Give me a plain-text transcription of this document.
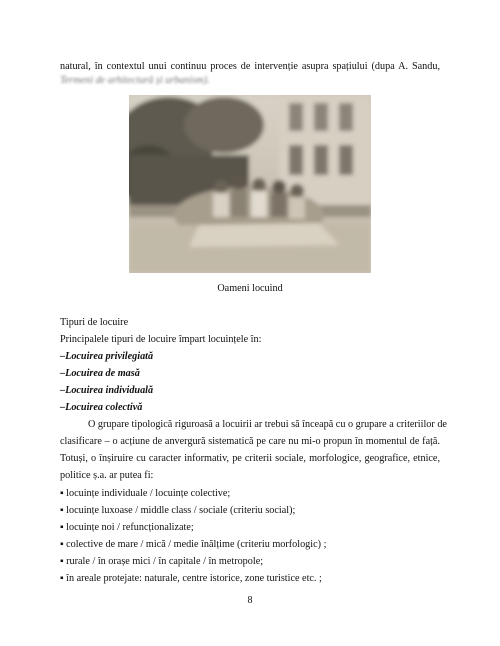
natural, în contextul unui continuu proces de intervenție asupra spațiului (dupa A. Sandu,
Termeni de arhitectură și urbanism).
Oameni locuind
Tipuri de locuire
Principalele tipuri de locuire împart locuințele în:
–Locuirea privilegiată
–Locuirea de masă
–Locuirea individuală
–Locuirea colectivă
O grupare tipologică riguroasă a locuirii ar trebui să înceapă cu o grupare a criteriilor de
clasificare – o acțiune de anvergură sistematică pe care nu mi-o propun în momentul de față.
Totuși, o înșiruire cu caracter informativ, pe criterii sociale, morfologice, geografice, etnice,
politice ș.a. ar putea fi:
▪ locuințe individuale / locuințe colective;
▪ locuințe luxoase / middle class / sociale (criteriu social);
▪ locuințe noi / refuncționalizate;
▪ colective de mare / mică / medie înălțime (criteriu morfologic) ;
▪ rurale / în orașe mici / în capitale / în metropole;
▪ în areale protejate: naturale, centre istorice, zone turistice etc. ;
8
